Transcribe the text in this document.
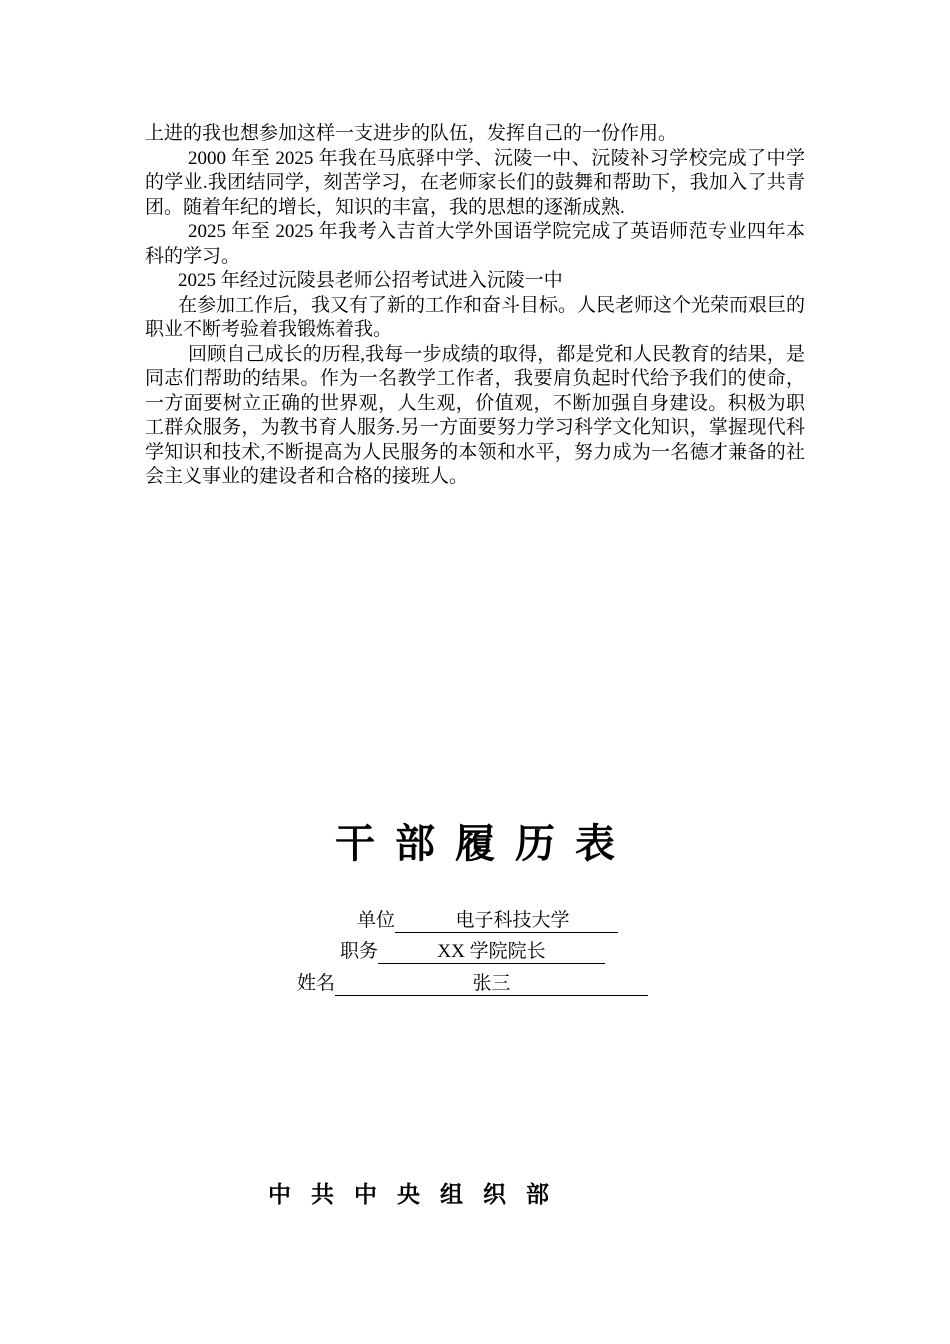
上进的我也想参加这样一支进步的队伍，发挥自己的一份作用。

2000 年至 2025 年我在马底驿中学、沅陵一中、沅陵补习学校完成了中学的学业.我团结同学，刻苦学习，在老师家长们的鼓舞和帮助下，我加入了共青团。随着年纪的增长，知识的丰富，我的思想的逐渐成熟.

2025 年至 2025 年我考入吉首大学外国语学院完成了英语师范专业四年本科的学习。

2025 年经过沅陵县老师公招考试进入沅陵一中

在参加工作后，我又有了新的工作和奋斗目标。人民老师这个光荣而艰巨的职业不断考验着我锻炼着我。

回顾自己成长的历程,我每一步成绩的取得，都是党和人民教育的结果，是同志们帮助的结果。作为一名教学工作者，我要肩负起时代给予我们的使命，一方面要树立正确的世界观，人生观，价值观，不断加强自身建设。积极为职工群众服务，为教书育人服务.另一方面要努力学习科学文化知识，掌握现代科学知识和技术,不断提高为人民服务的本领和水平，努力成为一名德才兼备的社会主义事业的建设者和合格的接班人。

干部履历表
单位	电子科技大学
职务	XX 学院院长
姓名	张三
中共中央组织部
